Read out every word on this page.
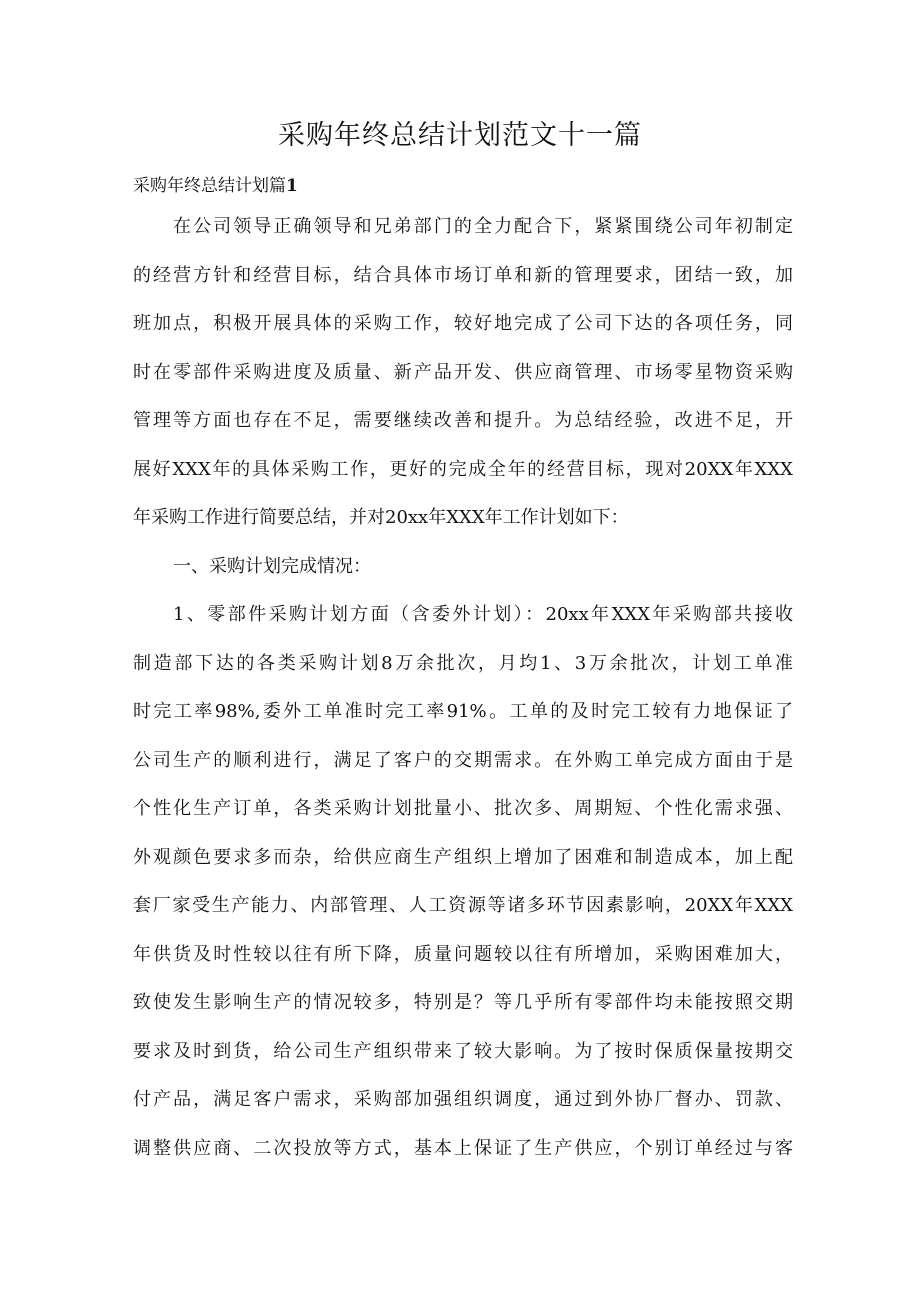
采购年终总结计划范文十一篇
采购年终总结计划篇1

在公司领导正确领导和兄弟部门的全力配合下，紧紧围绕公司年初制定

的经营方针和经营目标，结合具体市场订单和新的管理要求，团结一致，加

班加点，积极开展具体的采购工作，较好地完成了公司下达的各项任务，同

时在零部件采购进度及质量、新产品开发、供应商管理、市场零星物资采购

管理等方面也存在不足，需要继续改善和提升。为总结经验，改进不足，开

展好XXX年的具体采购工作，更好的完成全年的经营目标，现对20XX年XXX

年采购工作进行简要总结，并对20xx年XXX年工作计划如下：

一、采购计划完成情况：

1、零部件采购计划方面（含委外计划）：20xx年XXX年采购部共接收

制造部下达的各类采购计划8万余批次，月均1、3万余批次，计划工单准

时完工率98%,委外工单准时完工率91%。工单的及时完工较有力地保证了

公司生产的顺利进行，满足了客户的交期需求。在外购工单完成方面由于是

个性化生产订单，各类采购计划批量小、批次多、周期短、个性化需求强、

外观颜色要求多而杂，给供应商生产组织上增加了困难和制造成本，加上配

套厂家受生产能力、内部管理、人工资源等诸多环节因素影响，20XX年XXX

年供货及时性较以往有所下降，质量问题较以往有所增加，采购困难加大，

致使发生影响生产的情况较多，特别是？等几乎所有零部件均未能按照交期

要求及时到货，给公司生产组织带来了较大影响。为了按时保质保量按期交

付产品，满足客户需求，采购部加强组织调度，通过到外协厂督办、罚款、

调整供应商、二次投放等方式，基本上保证了生产供应，个别订单经过与客
